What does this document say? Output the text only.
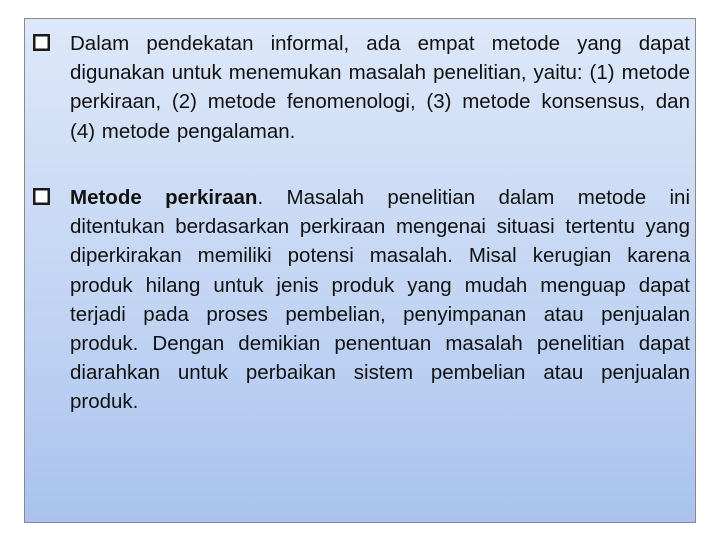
Dalam pendekatan informal, ada empat metode yang dapat digunakan untuk menemukan masalah penelitian, yaitu: (1) metode perkiraan, (2) metode fenomenologi, (3) metode konsensus, dan (4) metode pengalaman.
Metode perkiraan. Masalah penelitian dalam metode ini ditentukan berdasarkan perkiraan mengenai situasi tertentu yang diperkirakan memiliki potensi masalah. Misal kerugian karena produk hilang untuk jenis produk yang mudah menguap dapat terjadi pada proses pembelian, penyimpanan atau penjualan produk. Dengan demikian penentuan masalah penelitian dapat diarahkan untuk perbaikan sistem pembelian atau penjualan produk.
